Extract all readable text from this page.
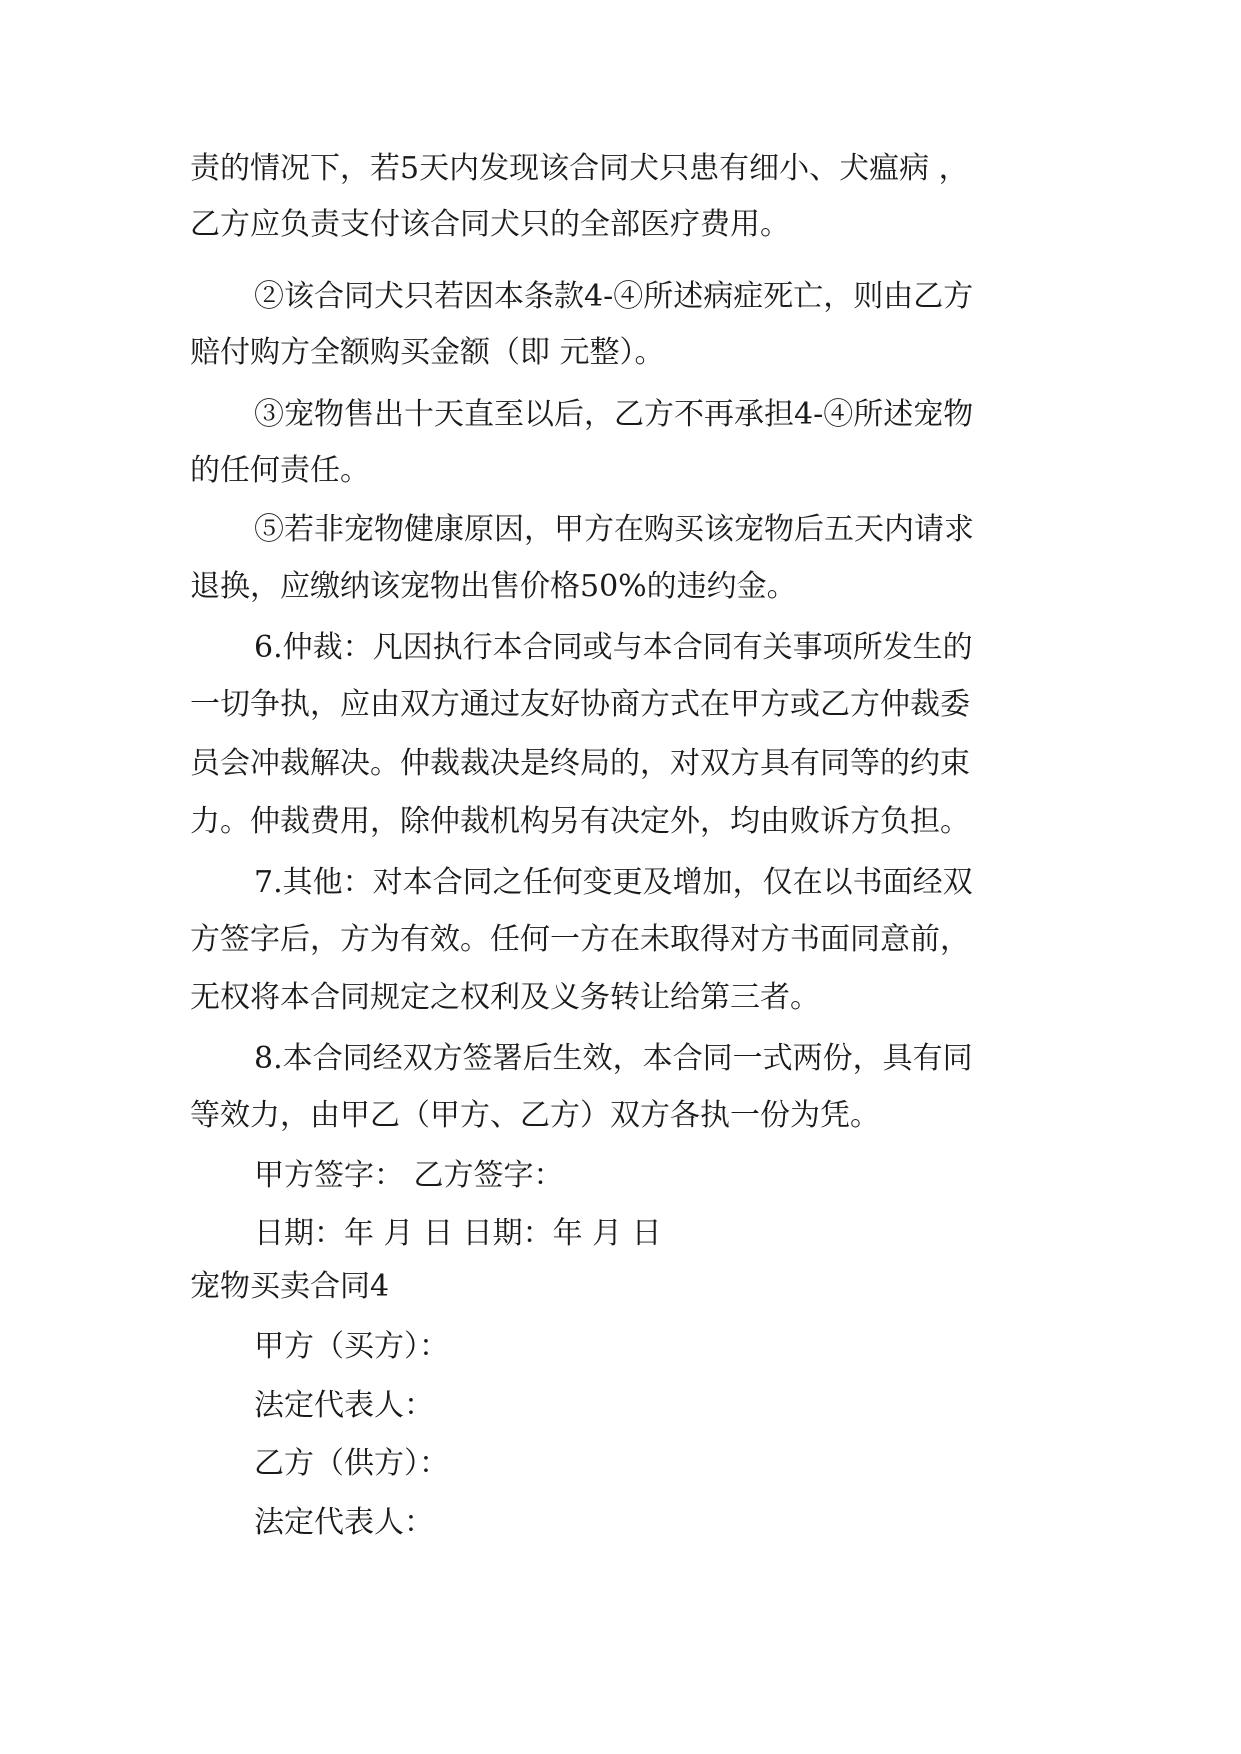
责的情况下，若5天内发现该合同犬只患有细小、犬瘟病 ，
乙方应负责支付该合同犬只的全部医疗费用。
②该合同犬只若因本条款4-④所述病症死亡，则由乙方
赔付购方全额购买金额（即 元整）。
③宠物售出十天直至以后，乙方不再承担4-④所述宠物
的任何责任。
⑤若非宠物健康原因，甲方在购买该宠物后五天内请求
退换，应缴纳该宠物出售价格50%的违约金。
6.仲裁：凡因执行本合同或与本合同有关事项所发生的
一切争执，应由双方通过友好协商方式在甲方或乙方仲裁委
员会冲裁解决。仲裁裁决是终局的，对双方具有同等的约束
力。仲裁费用，除仲裁机构另有决定外，均由败诉方负担。
7.其他：对本合同之任何变更及增加，仅在以书面经双
方签字后，方为有效。任何一方在未取得对方书面同意前，
无权将本合同规定之权利及义务转让给第三者。
8.本合同经双方签署后生效，本合同一式两份，具有同
等效力，由甲乙（甲方、乙方）双方各执一份为凭。
甲方签字： 乙方签字：
日期：年 月 日 日期：年 月 日
宠物买卖合同4
甲方（买方）：
法定代表人：
乙方（供方）：
法定代表人：
